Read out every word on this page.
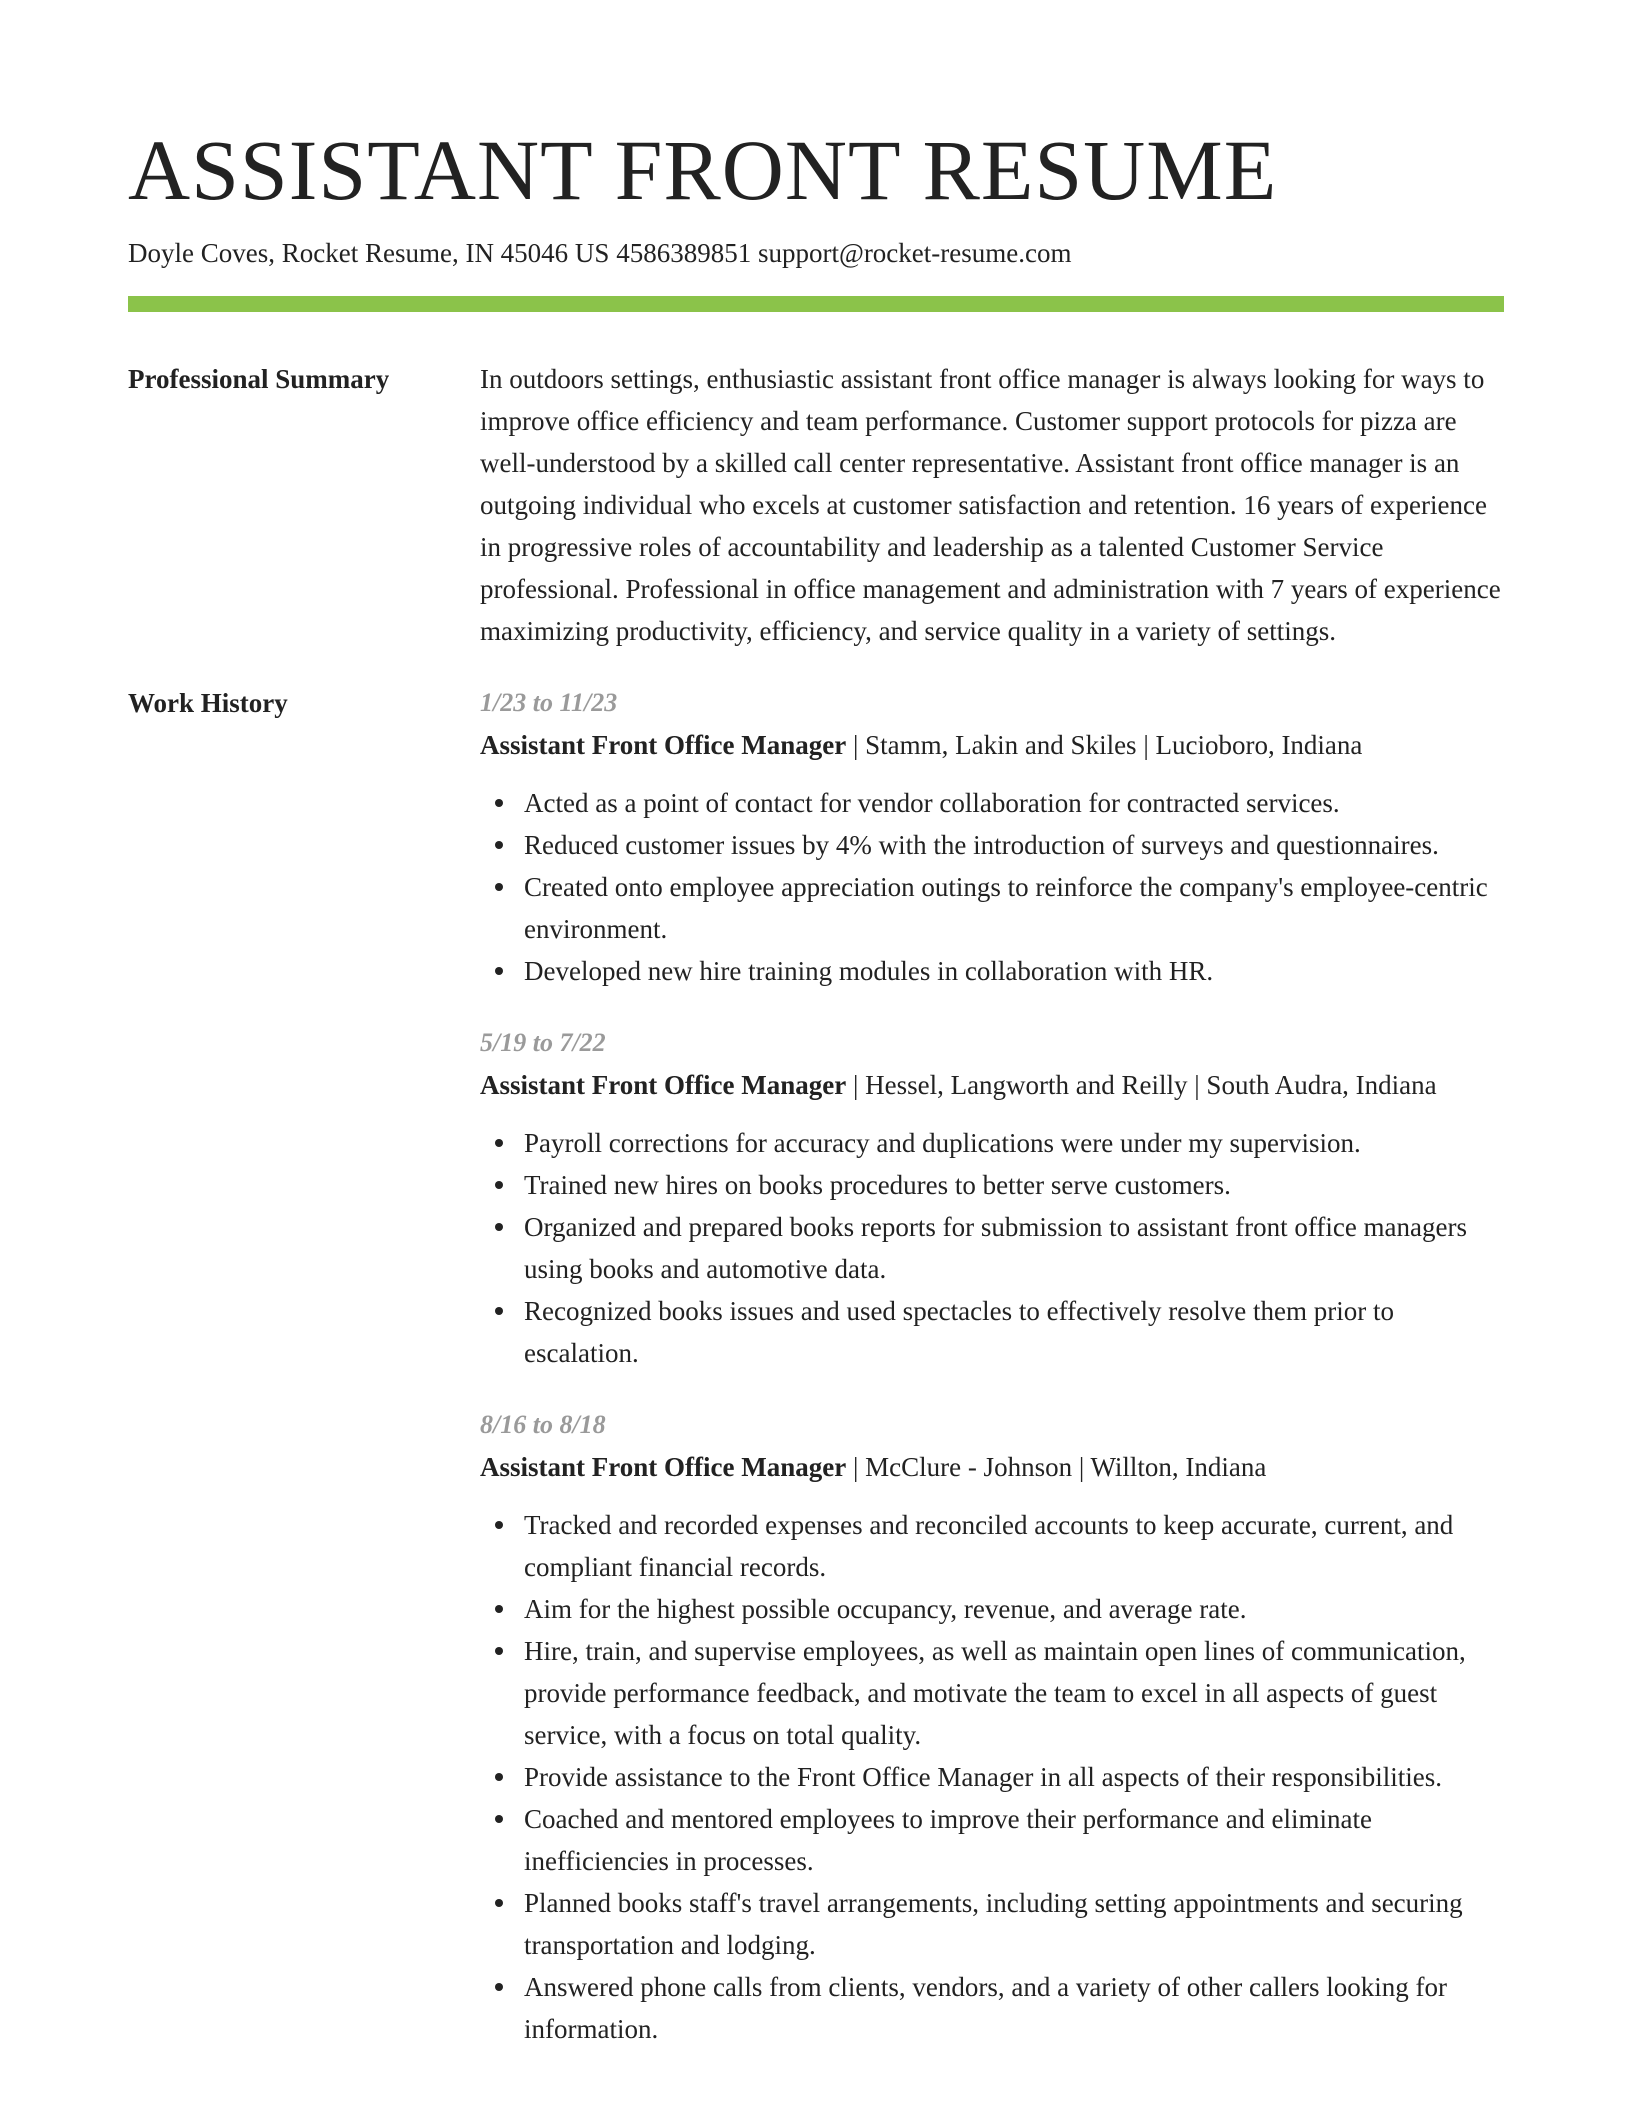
ASSISTANT FRONT RESUME
Doyle Coves, Rocket Resume, IN 45046 US 4586389851 support@rocket-resume.com
Professional Summary	In outdoors settings, enthusiastic assistant front office manager is always looking for ways to improve office efficiency and team performance. Customer support protocols for pizza are well-understood by a skilled call center representative. Assistant front office manager is an outgoing individual who excels at customer satisfaction and retention. 16 years of experience in progressive roles of accountability and leadership as a talented Customer Service professional. Professional in office management and administration with 7 years of experience maximizing productivity, efficiency, and service quality in a variety of settings.

Work History	1/23 to 11/23
Assistant Front Office Manager | Stamm, Lakin and Skiles | Lucioboro, Indiana
Acted as a point of contact for vendor collaboration for contracted services.
Reduced customer issues by 4% with the introduction of surveys and questionnaires.
Created onto employee appreciation outings to reinforce the company's employee-centric environment.
Developed new hire training modules in collaboration with HR.
5/19 to 7/22
Assistant Front Office Manager | Hessel, Langworth and Reilly | South Audra, Indiana
Payroll corrections for accuracy and duplications were under my supervision.
Trained new hires on books procedures to better serve customers.
Organized and prepared books reports for submission to assistant front office managers using books and automotive data.
Recognized books issues and used spectacles to effectively resolve them prior to escalation.
8/16 to 8/18
Assistant Front Office Manager | McClure - Johnson | Willton, Indiana
Tracked and recorded expenses and reconciled accounts to keep accurate, current, and compliant financial records.
Aim for the highest possible occupancy, revenue, and average rate.
Hire, train, and supervise employees, as well as maintain open lines of communication, provide performance feedback, and motivate the team to excel in all aspects of guest service, with a focus on total quality.
Provide assistance to the Front Office Manager in all aspects of their responsibilities.
Coached and mentored employees to improve their performance and eliminate inefficiencies in processes.
Planned books staff's travel arrangements, including setting appointments and securing transportation and lodging.
Answered phone calls from clients, vendors, and a variety of other callers looking for information.
